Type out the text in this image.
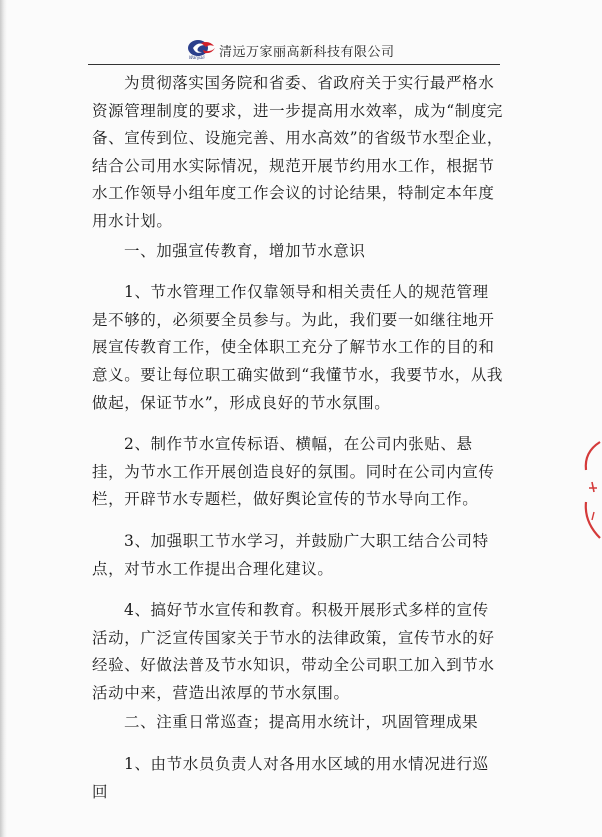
Wanjiali 清远万家丽高新科技有限公司

为贯彻落实国务院和省委、省政府关于实行最严格水资源管理制度的要求，进一步提高用水效率，成为“制度完备、宣传到位、设施完善、用水高效”的省级节水型企业，结合公司用水实际情况，规范开展节约用水工作，根据节水工作领导小组年度工作会议的讨论结果，特制定本年度用水计划。

一、加强宣传教育，增加节水意识

1、节水管理工作仅靠领导和相关责任人的规范管理是不够的，必须要全员参与。为此，我们要一如继往地开展宣传教育工作，使全体职工充分了解节水工作的目的和意义。要让每位职工确实做到“我懂节水，我要节水，从我做起，保证节水”，形成良好的节水氛围。

2、制作节水宣传标语、横幅，在公司内张贴、悬挂，为节水工作开展创造良好的氛围。同时在公司内宣传栏，开辟节水专题栏，做好舆论宣传的节水导向工作。

3、加强职工节水学习，并鼓励广大职工结合公司特点，对节水工作提出合理化建议。

4、搞好节水宣传和教育。积极开展形式多样的宣传活动，广泛宣传国家关于节水的法律政策，宣传节水的好经验、好做法普及节水知识，带动全公司职工加入到节水活动中来，营造出浓厚的节水氛围。

二、注重日常巡查；提高用水统计，巩固管理成果

1、由节水员负责人对各用水区域的用水情况进行巡回
